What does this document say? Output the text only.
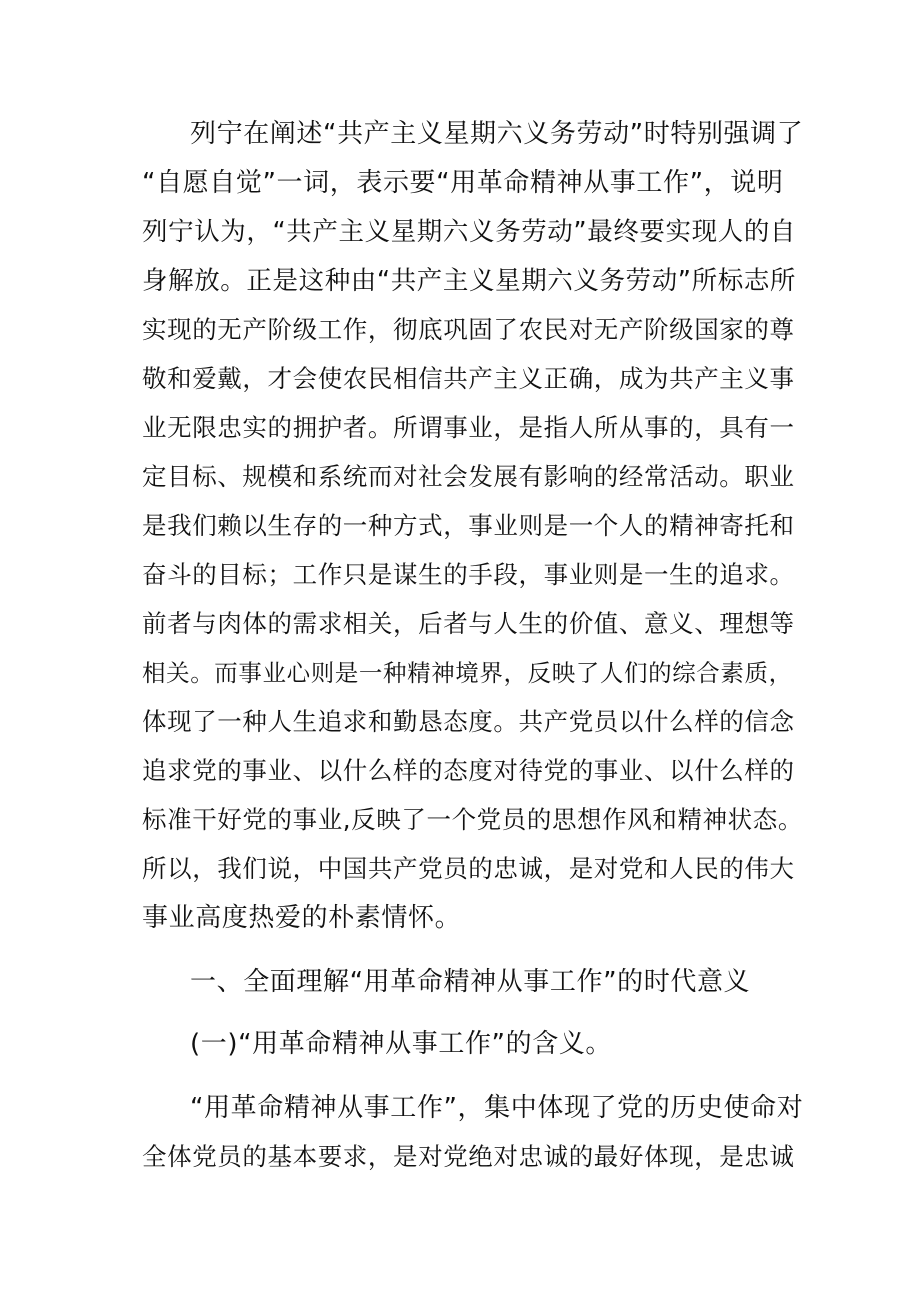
列宁在阐述“共产主义星期六义务劳动”时特别强调了
“自愿自觉”一词，表示要“用革命精神从事工作”，说明
列宁认为，“共产主义星期六义务劳动”最终要实现人的自
身解放。正是这种由“共产主义星期六义务劳动”所标志所
实现的无产阶级工作，彻底巩固了农民对无产阶级国家的尊
敬和爱戴，才会使农民相信共产主义正确，成为共产主义事
业无限忠实的拥护者。所谓事业，是指人所从事的，具有一
定目标、规模和系统而对社会发展有影响的经常活动。职业
是我们赖以生存的一种方式，事业则是一个人的精神寄托和
奋斗的目标；工作只是谋生的手段，事业则是一生的追求。
前者与肉体的需求相关，后者与人生的价值、意义、理想等
相关。而事业心则是一种精神境界，反映了人们的综合素质，
体现了一种人生追求和勤恳态度。共产党员以什么样的信念
追求党的事业、以什么样的态度对待党的事业、以什么样的
标准干好党的事业,反映了一个党员的思想作风和精神状态。
所以，我们说，中国共产党员的忠诚，是对党和人民的伟大
事业高度热爱的朴素情怀。
一、全面理解“用革命精神从事工作”的时代意义
(一)“用革命精神从事工作”的含义。
“用革命精神从事工作”，集中体现了党的历史使命对
全体党员的基本要求，是对党绝对忠诚的最好体现，是忠诚
